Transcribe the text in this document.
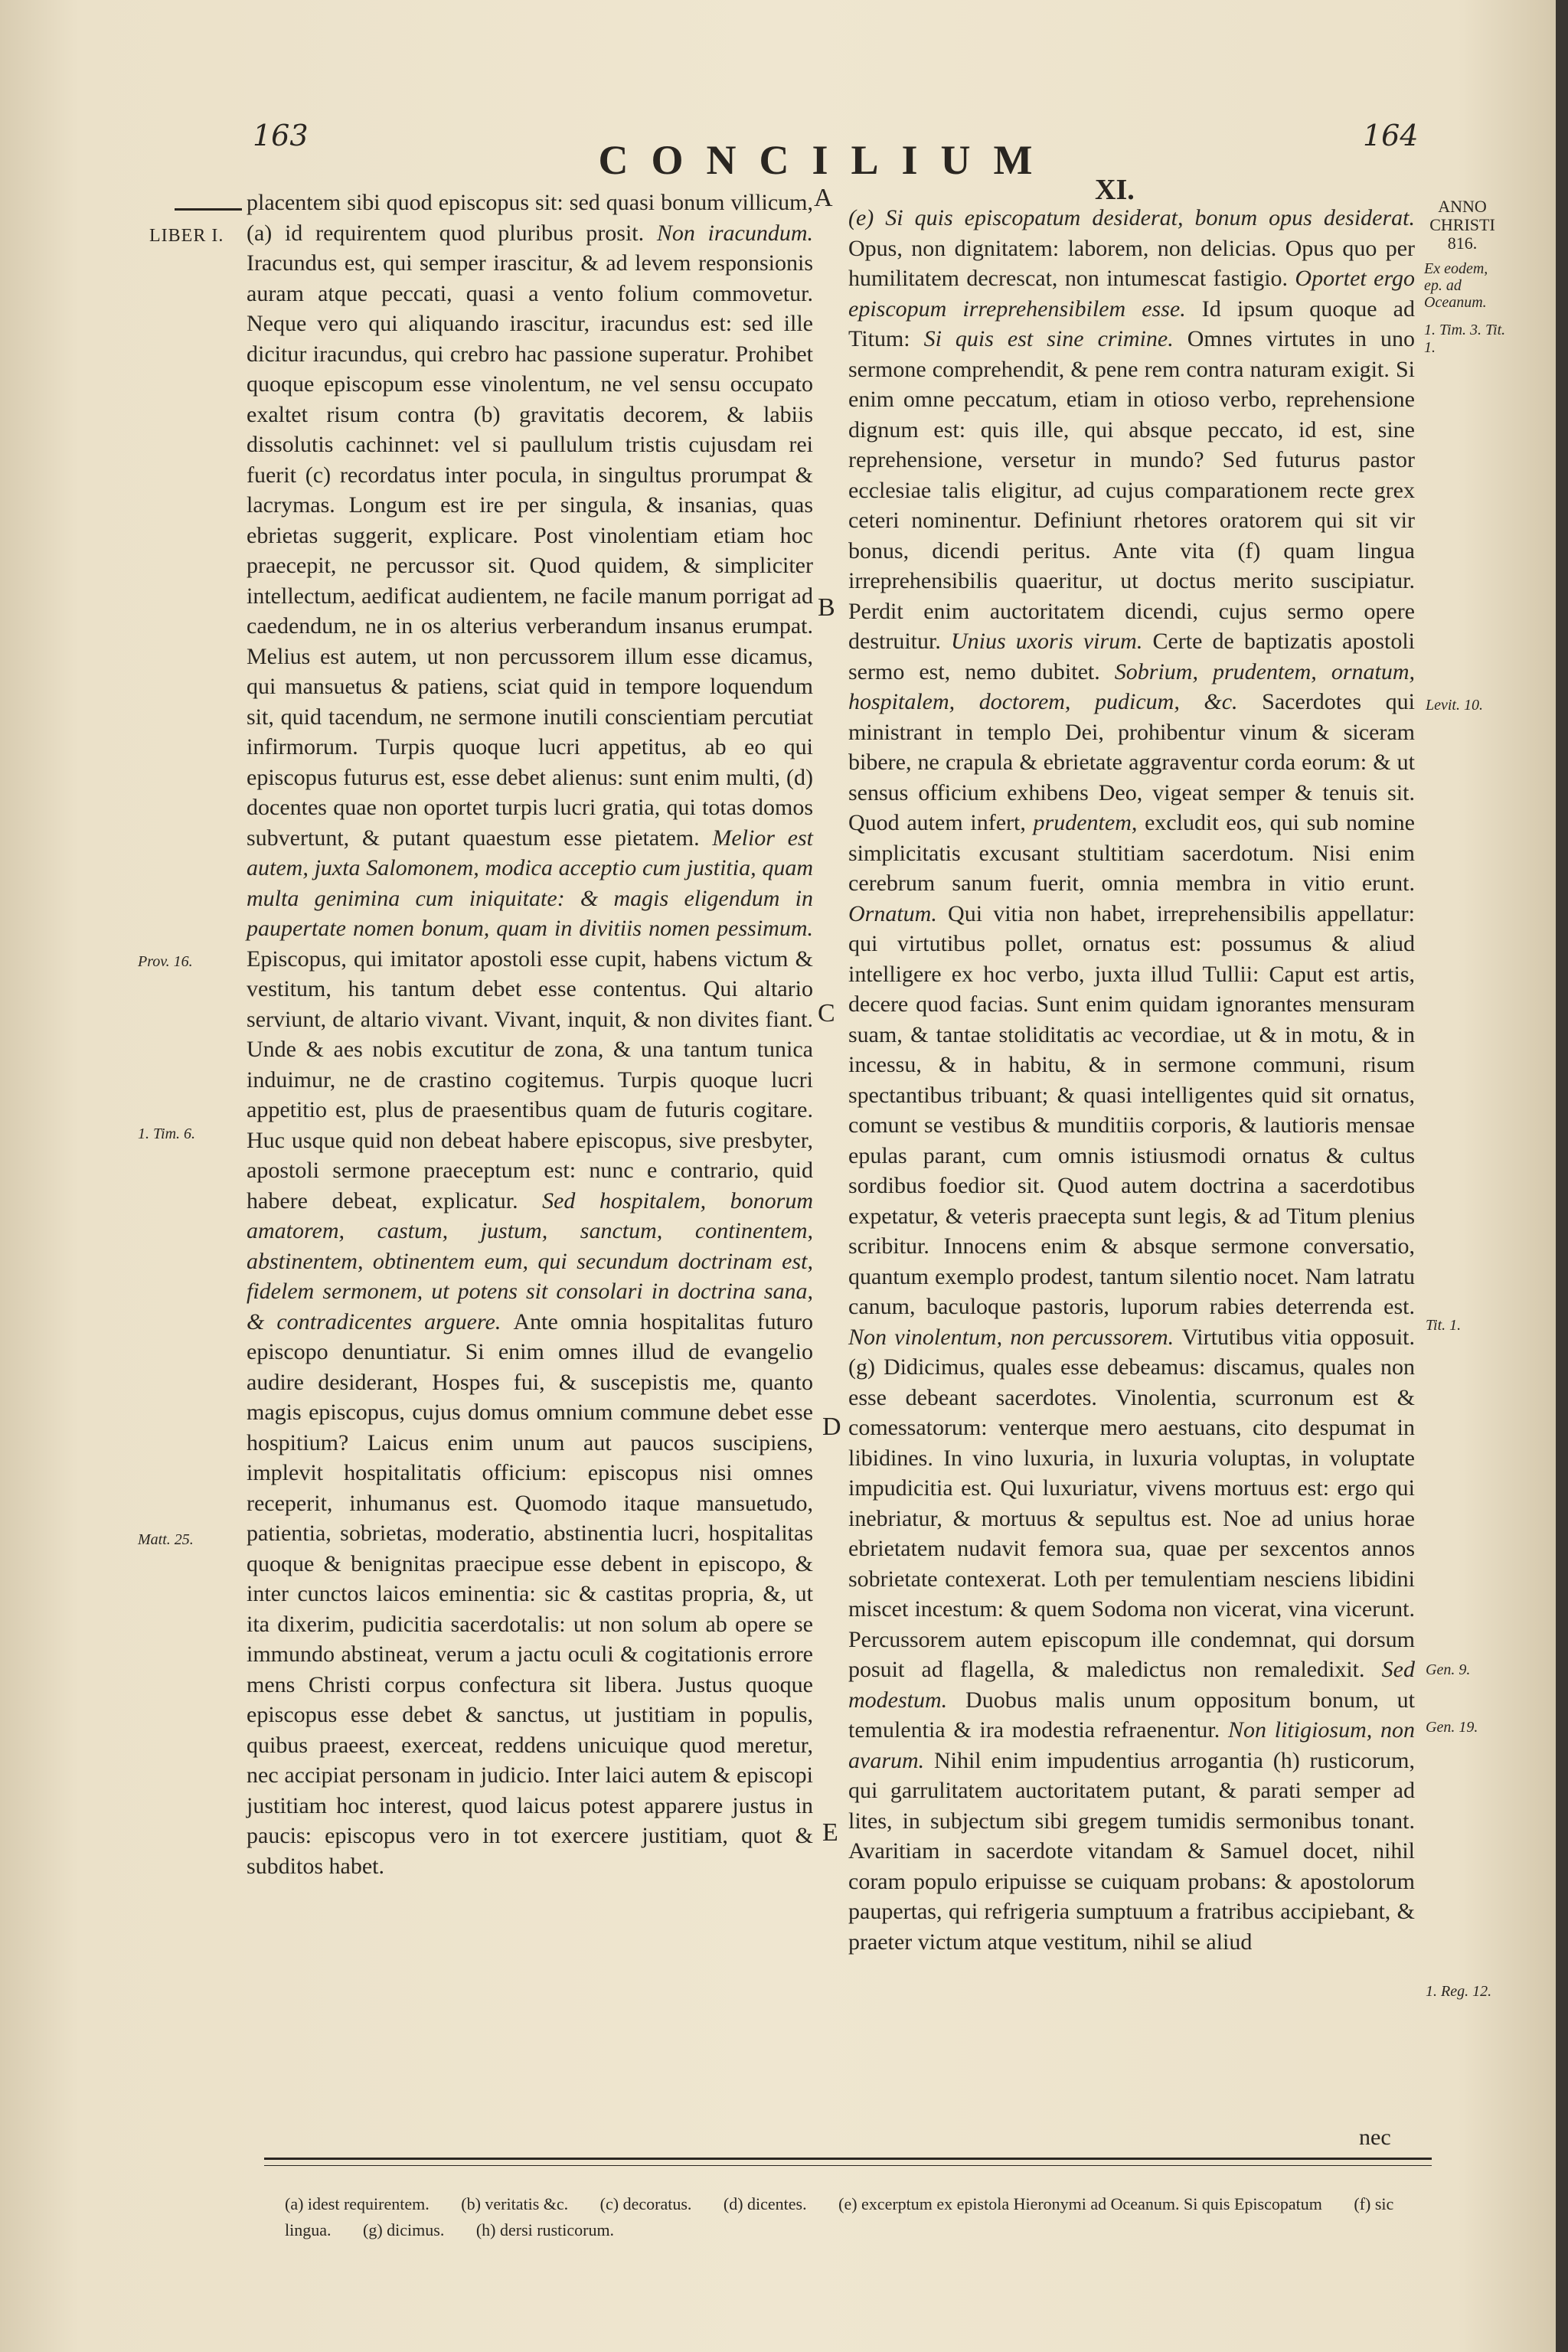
163
CONCILIUM
164
XI.
LIBER I.
ANNO CHRISTI 816.
Ex eodem, ep. ad Oceanum.
Prov. 16.
1. Tim. 6.
Matt. 25.
1. Tim. 3. Tit. 1.
Levit. 10.
Tit. 1.
Gen. 9.
Gen. 19.
1. Reg. 12.
A
B
C
D
E
placentem sibi quod episcopus sit: sed quasi bonum villicum, (a) id requirentem quod pluribus prosit. Non iracundum. Iracundus est, qui semper irascitur, & ad levem responsionis auram atque peccati, quasi a vento folium commovetur. Neque vero qui aliquando irascitur, iracundus est: sed ille dicitur iracundus, qui crebro hac passione superatur. Prohibet quoque episcopum esse vinolentum, ne vel sensu occupato exaltet risum contra (b) gravitatis decorem, & labiis dissolutis cachinnet: vel si paullulum tristis cujusdam rei fuerit (c) recordatus inter pocula, in singultus prorumpat & lacrymas. Longum est ire per singula, & insanias, quas ebrietas suggerit, explicare. Post vinolentiam etiam hoc praecepit, ne percussor sit. Quod quidem, & simpliciter intellectum, aedificat audientem, ne facile manum porrigat ad caedendum, ne in os alterius verberandum insanus erumpat. Melius est autem, ut non percussorem illum esse dicamus, qui mansuetus & patiens, sciat quid in tempore loquendum sit, quid tacendum, ne sermone inutili conscientiam percutiat infirmorum. Turpis quoque lucri appetitus, ab eo qui episcopus futurus est, esse debet alienus: sunt enim multi, (d) docentes quae non oportet turpis lucri gratia, qui totas domos subvertunt, & putant quaestum esse pietatem. Melior est autem, juxta Salomonem, modica acceptio cum justitia, quam multa genimina cum iniquitate: & magis eligendum in paupertate nomen bonum, quam in divitiis nomen pessimum. Episcopus, qui imitator apostoli esse cupit, habens victum & vestitum, his tantum debet esse contentus. Qui altario serviunt, de altario vivant. Vivant, inquit, & non divites fiant. Unde & aes nobis excutitur de zona, & una tantum tunica induimur, ne de crastino cogitemus. Turpis quoque lucri appetitio est, plus de praesentibus quam de futuris cogitare. Huc usque quid non debeat habere episcopus, sive presbyter, apostoli sermone praeceptum est: nunc e contrario, quid habere debeat, explicatur. Sed hospitalem, bonorum amatorem, castum, justum, sanctum, continentem, abstinentem, obtinentem eum, qui secundum doctrinam est, fidelem sermonem, ut potens sit consolari in doctrina sana, & contradicentes arguere. Ante omnia hospitalitas futuro episcopo denuntiatur. Si enim omnes illud de evangelio audire desiderant, Hospes fui, & suscepistis me, quanto magis episcopus, cujus domus omnium commune debet esse hospitium? Laicus enim unum aut paucos suscipiens, implevit hospitalitatis officium: episcopus nisi omnes receperit, inhumanus est. Quomodo itaque mansuetudo, patientia, sobrietas, moderatio, abstinentia lucri, hospitalitas quoque & benignitas praecipue esse debent in episcopo, & inter cunctos laicos eminentia: sic & castitas propria, &, ut ita dixerim, pudicitia sacerdotalis: ut non solum ab opere se immundo abstineat, verum a jactu oculi & cogitationis errore mens Christi corpus confectura sit libera. Justus quoque episcopus esse debet & sanctus, ut justitiam in populis, quibus praeest, exerceat, reddens unicuique quod meretur, nec accipiat personam in judicio. Inter laici autem & episcopi justitiam hoc interest, quod laicus potest apparere justus in paucis: episcopus vero in tot exercere justitiam, quot & subditos habet.
(e) Si quis episcopatum desiderat, bonum opus desiderat. Opus, non dignitatem: laborem, non delicias. Opus quo per humilitatem decrescat, non intumescat fastigio. Oportet ergo episcopum irreprehensibilem esse. Id ipsum quoque ad Titum: Si quis est sine crimine. Omnes virtutes in uno sermone comprehendit, & pene rem contra naturam exigit. Si enim omne peccatum, etiam in otioso verbo, reprehensione dignum est: quis ille, qui absque peccato, id est, sine reprehensione, versetur in mundo? Sed futurus pastor ecclesiae talis eligitur, ad cujus comparationem recte grex ceteri nominentur. Definiunt rhetores oratorem qui sit vir bonus, dicendi peritus. Ante vita (f) quam lingua irreprehensibilis quaeritur, ut doctus merito suscipiatur. Perdit enim auctoritatem dicendi, cujus sermo opere destruitur. Unius uxoris virum. Certe de baptizatis apostoli sermo est, nemo dubitet. Sobrium, prudentem, ornatum, hospitalem, doctorem, pudicum, &c. Sacerdotes qui ministrant in templo Dei, prohibentur vinum & siceram bibere, ne crapula & ebrietate aggraventur corda eorum: & ut sensus officium exhibens Deo, vigeat semper & tenuis sit. Quod autem infert, prudentem, excludit eos, qui sub nomine simplicitatis excusant stultitiam sacerdotum. Nisi enim cerebrum sanum fuerit, omnia membra in vitio erunt. Ornatum. Qui vitia non habet, irreprehensibilis appellatur: qui virtutibus pollet, ornatus est: possumus & aliud intelligere ex hoc verbo, juxta illud Tullii: Caput est artis, decere quod facias. Sunt enim quidam ignorantes mensuram suam, & tantae stoliditatis ac vecordiae, ut & in motu, & in incessu, & in habitu, & in sermone communi, risum spectantibus tribuant; & quasi intelligentes quid sit ornatus, comunt se vestibus & munditiis corporis, & lautioris mensae epulas parant, cum omnis istiusmodi ornatus & cultus sordibus foedior sit. Quod autem doctrina a sacerdotibus expetatur, & veteris praecepta sunt legis, & ad Titum plenius scribitur. Innocens enim & absque sermone conversatio, quantum exemplo prodest, tantum silentio nocet. Nam latratu canum, baculoque pastoris, luporum rabies deterrenda est. Non vinolentum, non percussorem. Virtutibus vitia opposuit. (g) Didicimus, quales esse debeamus: discamus, quales non esse debeant sacerdotes. Vinolentia, scurronum est & comessatorum: venterque mero aestuans, cito despumat in libidines. In vino luxuria, in luxuria voluptas, in voluptate impudicitia est. Qui luxuriatur, vivens mortuus est: ergo qui inebriatur, & mortuus & sepultus est. Noe ad unius horae ebrietatem nudavit femora sua, quae per sexcentos annos sobrietate contexerat. Loth per temulentiam nesciens libidini miscet incestum: & quem Sodoma non vicerat, vina vicerunt. Percussorem autem episcopum ille condemnat, qui dorsum posuit ad flagella, & maledictus non remaledixit. Sed modestum. Duobus malis unum oppositum bonum, ut temulentia & ira modestia refraenentur. Non litigiosum, non avarum. Nihil enim impudentius arrogantia (h) rusticorum, qui garrulitatem auctoritatem putant, & parati semper ad lites, in subjectum sibi gregem tumidis sermonibus tonant. Avaritiam in sacerdote vitandam & Samuel docet, nihil coram populo eripuisse se cuiquam probans: & apostolorum paupertas, qui refrigeria sumptuum a fratribus accipiebant, & praeter victum atque vestitum, nihil se aliud
nec
(a) idest requirentem. (b) veritatis &c. (c) decoratus. (d) dicentes. (e) excerptum ex epistola Hieronymi ad Oceanum. Si quis Episcopatum (f) sic lingua. (g) dicimus. (h) dersi rusticorum.
